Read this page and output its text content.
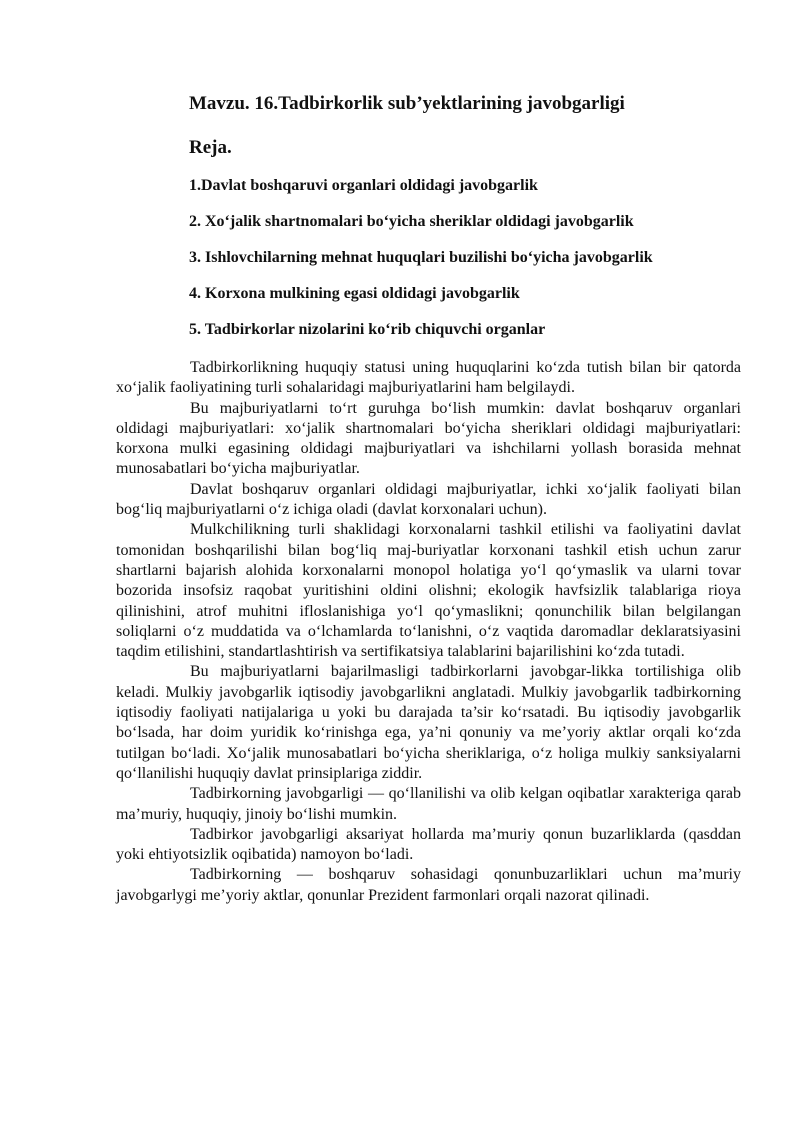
Mavzu. 16.Tadbirkorlik sub’yektlarining javobgarligi
Reja.
1.Davlat boshqaruvi organlari oldidagi javobgarlik
2. Xo‘jalik shartnomalari bo‘yicha sheriklar oldidagi javobgarlik
3. Ishlovchilarning mehnat huquqlari buzilishi bo‘yicha javobgarlik
4. Korxona mulkining egasi oldidagi javobgarlik
5. Tadbirkorlar nizolarini ko‘rib chiquvchi organlar

Tadbirkorlikning huquqiy statusi uning huquqlarini ko‘zda tutish bilan bir qatorda xo‘jalik faoliyatining turli sohalaridagi majburiyatlarini ham belgilaydi.

Bu majburiyatlarni to‘rt guruhga bo‘lish mumkin: davlat boshqaruv organlari oldidagi majburiyatlari: xo‘jalik shartnomalari bo‘yicha sheriklari oldidagi majburiyatlari: korxona mulki egasining oldidagi majburiyatlari va ishchilarni yollash borasida mehnat munosabatlari bo‘yicha majburiyatlar.

Davlat boshqaruv organlari oldidagi majburiyatlar, ichki xo‘jalik faoliyati bilan bog‘liq majburiyatlarni o‘z ichiga oladi (davlat korxonalari uchun).

Mulkchilikning turli shaklidagi korxonalarni tashkil etilishi va faoliyatini davlat tomonidan boshqarilishi bilan bog‘liq maj-buriyatlar korxonani tashkil etish uchun zarur shartlarni bajarish alohida korxonalarni monopol holatiga yo‘l qo‘ymaslik va ularni tovar bozorida insofsiz raqobat yuritishini oldini olishni; ekologik havfsizlik talablariga rioya qilinishini, atrof muhitni ifloslanishiga yo‘l qo‘ymaslikni; qonunchilik bilan belgilangan soliqlarni o‘z muddatida va o‘lchamlarda to‘lanishni, o‘z vaqtida daromadlar deklaratsiyasini taqdim etilishini, standartlashtirish va sertifikatsiya talablarini bajarilishini ko‘zda tutadi.

Bu majburiyatlarni bajarilmasligi tadbirkorlarni javobgar-likka tortilishiga olib keladi. Mulkiy javobgarlik iqtisodiy javobgarlikni anglatadi. Mulkiy javobgarlik tadbirkorning iqtisodiy faoliyati natijalariga u yoki bu darajada ta’sir ko‘rsatadi. Bu iqtisodiy javobgarlik bo‘lsada, har doim yuridik ko‘rinishga ega, ya’ni qonuniy va me’yoriy aktlar orqali ko‘zda tutilgan bo‘ladi. Xo‘jalik munosabatlari bo‘yicha sheriklariga, o‘z holiga mulkiy sanksiyalarni qo‘llanilishi huquqiy davlat prinsiplariga ziddir.

Tadbirkorning javobgarligi — qo‘llanilishi va olib kelgan oqibatlar xarakteriga qarab ma’muriy, huquqiy, jinoiy bo‘lishi mumkin.

Tadbirkor javobgarligi aksariyat hollarda ma’muriy qonun buzarliklarda (qasddan yoki ehtiyotsizlik oqibatida) namoyon bo‘ladi.

Tadbirkorning — boshqaruv sohasidagi qonunbuzarliklari uchun ma’muriy javobgarlygi me’yoriy aktlar, qonunlar Prezident farmonlari orqali nazorat qilinadi.
